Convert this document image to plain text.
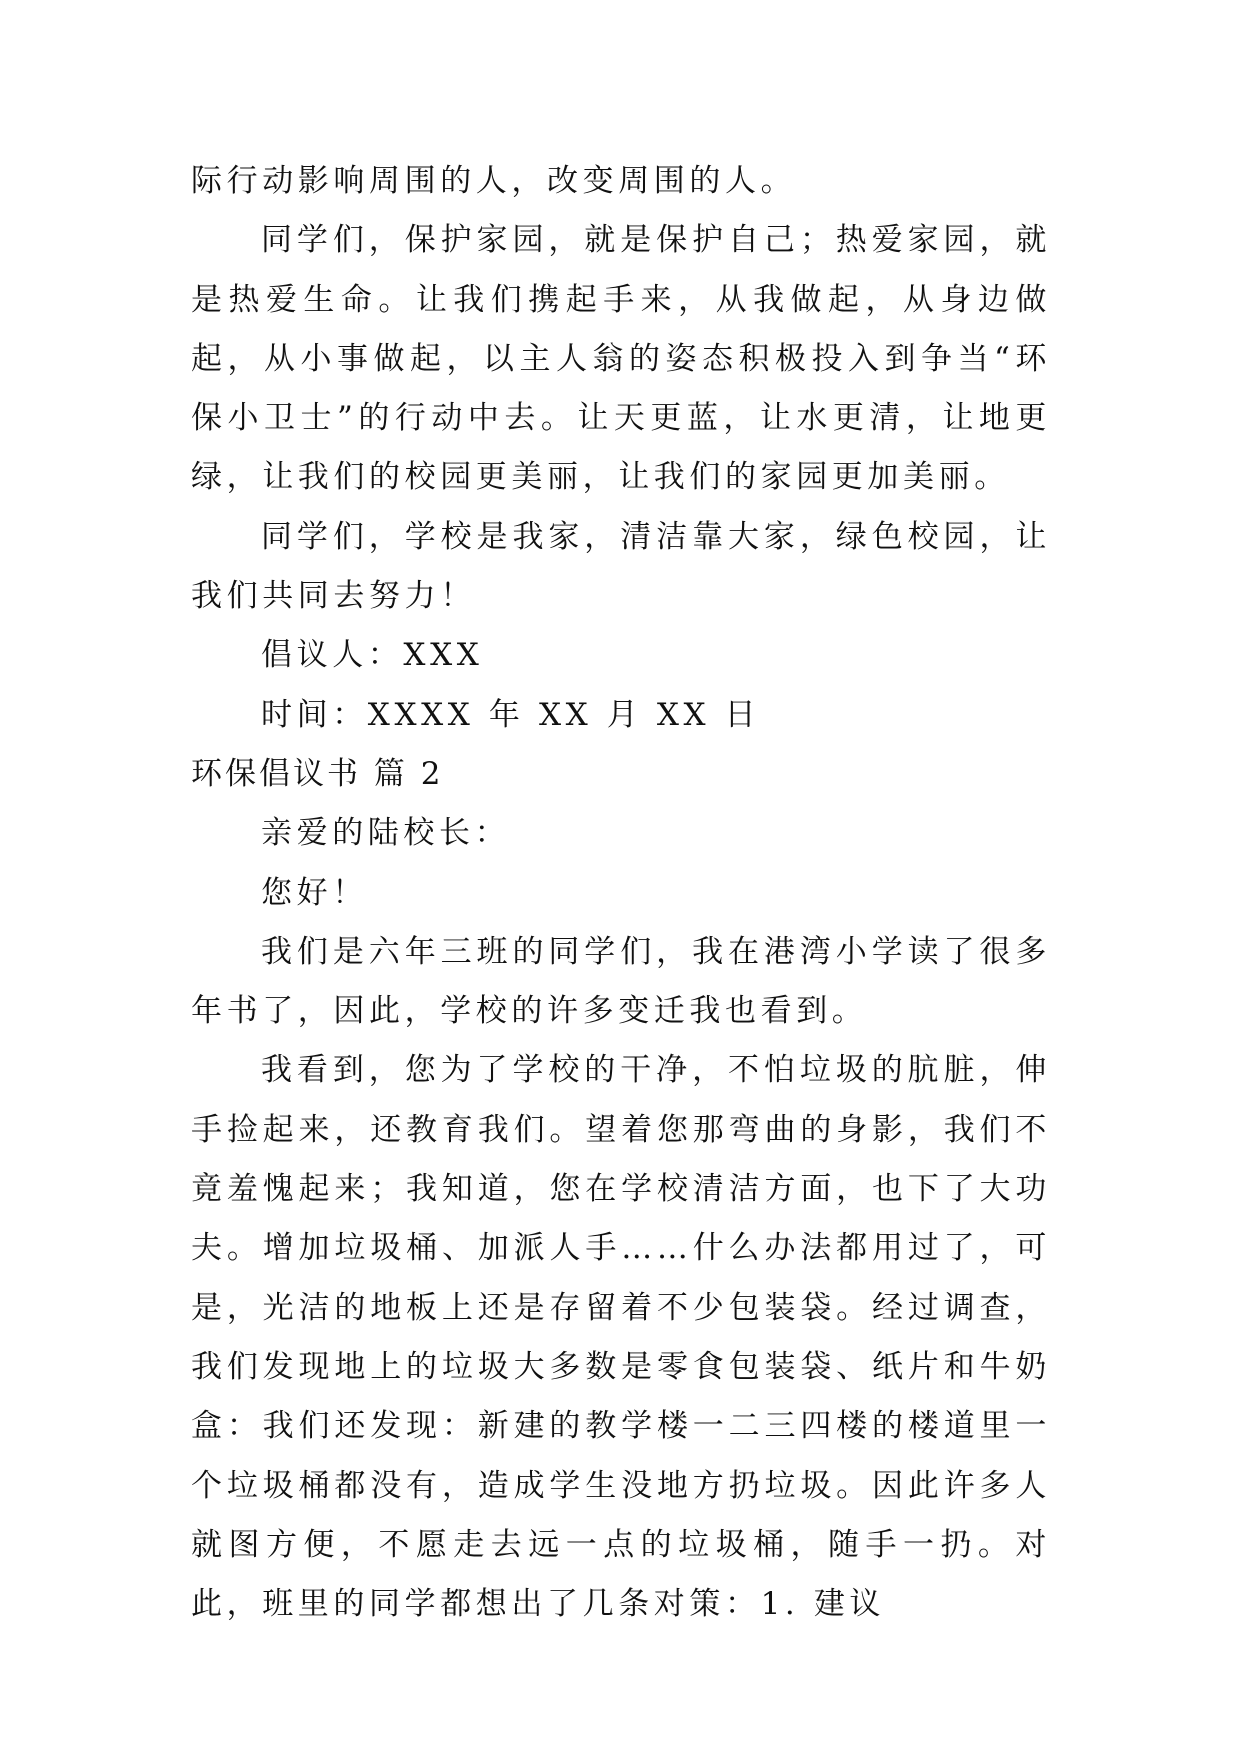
际行动影响周围的人，改变周围的人。

同学们，保护家园，就是保护自己；热爱家园，就是热爱生命。让我们携起手来，从我做起，从身边做起，从小事做起，以主人翁的姿态积极投入到争当“环保小卫士”的行动中去。让天更蓝，让水更清，让地更绿，让我们的校园更美丽，让我们的家园更加美丽。

同学们，学校是我家，清洁靠大家，绿色校园，让我们共同去努力！

倡议人：XXX

时间：XXXX 年 XX 月 XX 日

环保倡议书 篇 2

亲爱的陆校长：

您好！

我们是六年三班的同学们，我在港湾小学读了很多年书了，因此，学校的许多变迁我也看到。

我看到，您为了学校的干净，不怕垃圾的肮脏，伸手捡起来，还教育我们。望着您那弯曲的身影，我们不竟羞愧起来；我知道，您在学校清洁方面，也下了大功夫。增加垃圾桶、加派人手……什么办法都用过了，可是，光洁的地板上还是存留着不少包装袋。经过调查，我们发现地上的垃圾大多数是零食包装袋、纸片和牛奶盒：我们还发现：新建的教学楼一二三四楼的楼道里一个垃圾桶都没有，造成学生没地方扔垃圾。因此许多人就图方便，不愿走去远一点的垃圾桶，随手一扔。对此，班里的同学都想出了几条对策：1. 建议
